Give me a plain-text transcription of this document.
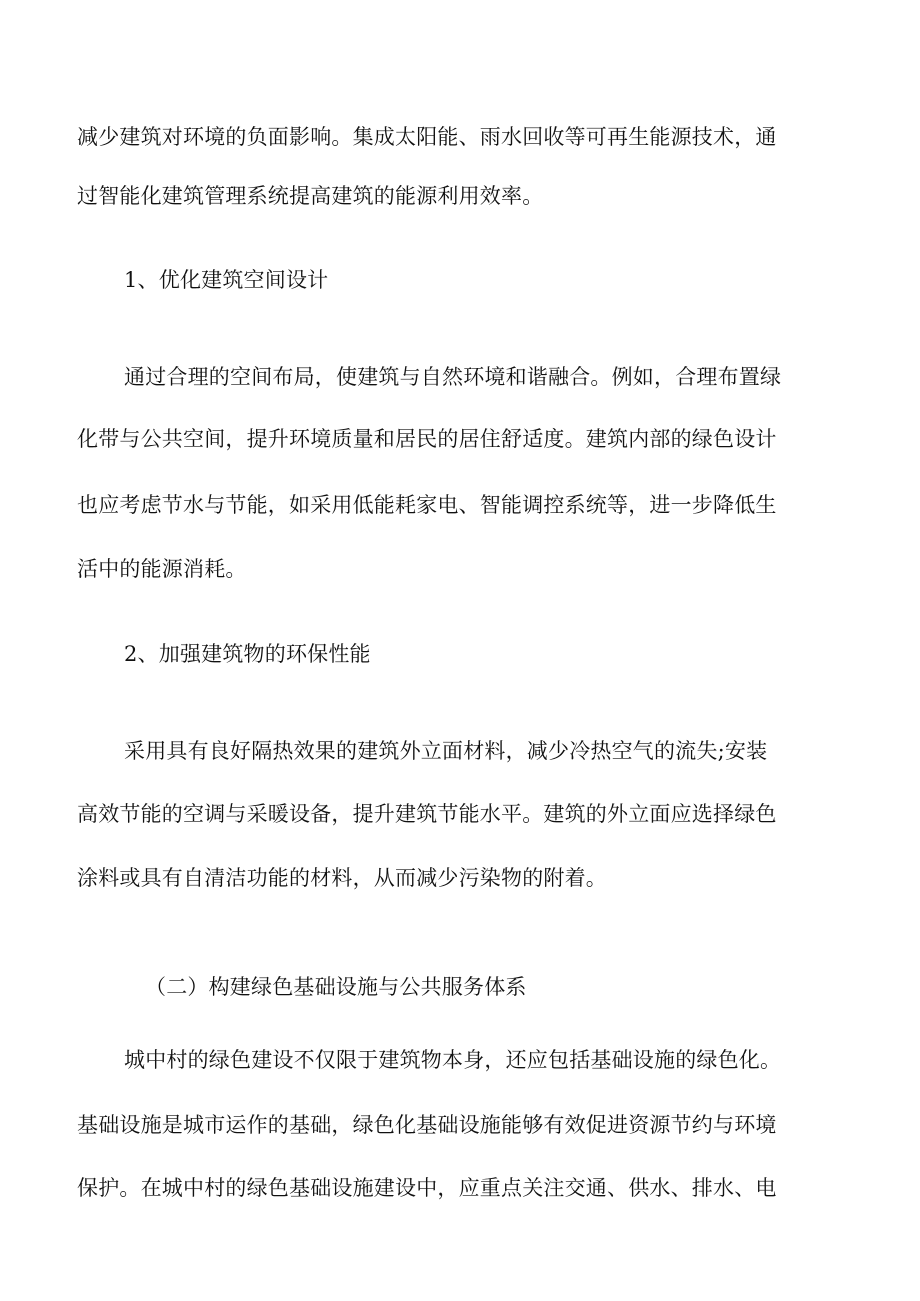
减少建筑对环境的负面影响。集成太阳能、雨水回收等可再生能源技术，通
过智能化建筑管理系统提高建筑的能源利用效率。
1、优化建筑空间设计
通过合理的空间布局，使建筑与自然环境和谐融合。例如，合理布置绿
化带与公共空间，提升环境质量和居民的居住舒适度。建筑内部的绿色设计
也应考虑节水与节能，如采用低能耗家电、智能调控系统等，进一步降低生
活中的能源消耗。
2、加强建筑物的环保性能
采用具有良好隔热效果的建筑外立面材料，减少冷热空气的流失;安装
高效节能的空调与采暖设备，提升建筑节能水平。建筑的外立面应选择绿色
涂料或具有自清洁功能的材料，从而减少污染物的附着。
（二）构建绿色基础设施与公共服务体系
城中村的绿色建设不仅限于建筑物本身，还应包括基础设施的绿色化。
基础设施是城市运作的基础，绿色化基础设施能够有效促进资源节约与环境
保护。在城中村的绿色基础设施建设中，应重点关注交通、供水、排水、电
